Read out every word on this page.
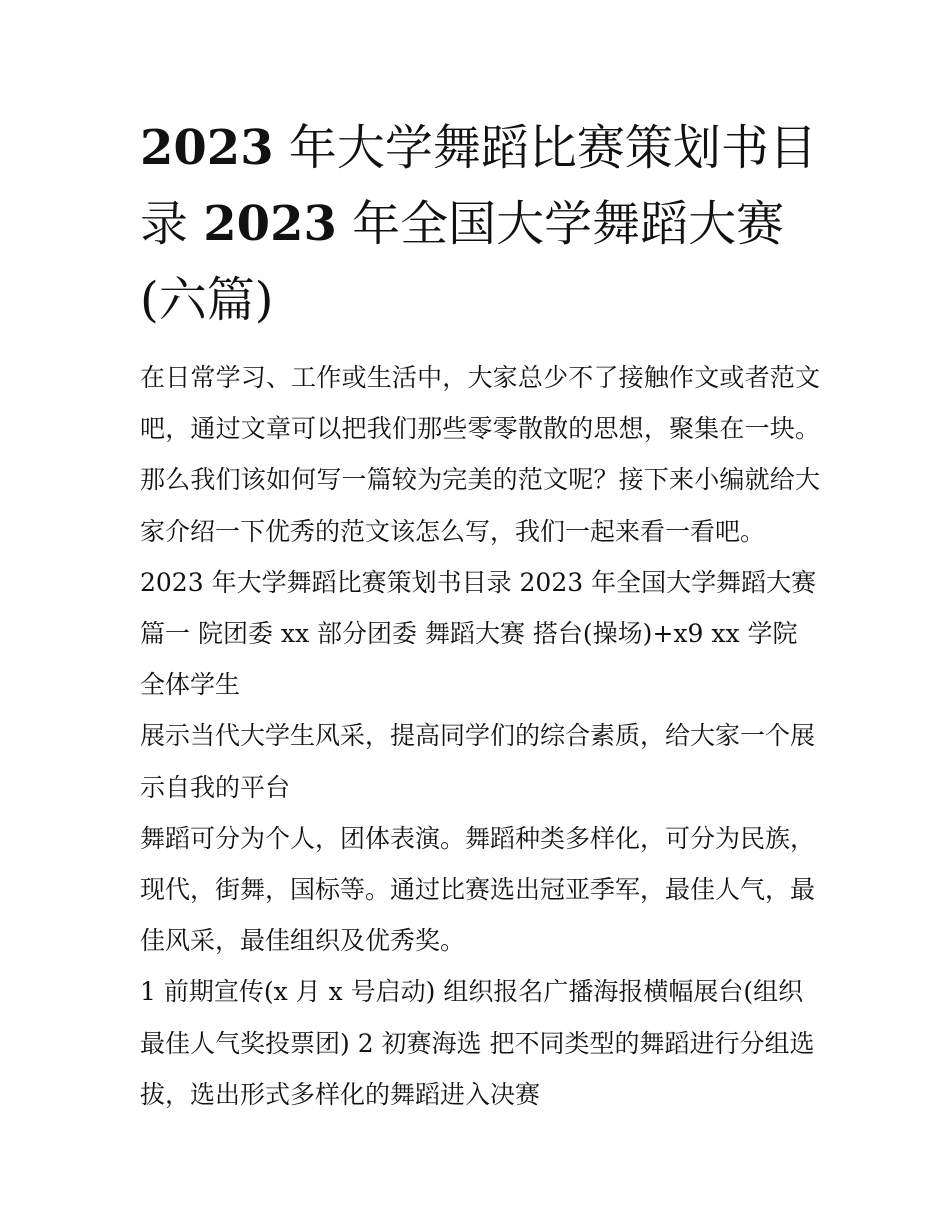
2023 年大学舞蹈比赛策划书目
录 2023 年全国大学舞蹈大赛
(六篇)

在日常学习、工作或生活中，大家总少不了接触作文或者范文吧，通过文章可以把我们那些零零散散的思想，聚集在一块。那么我们该如何写一篇较为完美的范文呢？接下来小编就给大家介绍一下优秀的范文该怎么写，我们一起来看一看吧。

2023 年大学舞蹈比赛策划书目录 2023 年全国大学舞蹈大赛篇一 院团委 xx 部分团委 舞蹈大赛 搭台(操场)+x9 xx 学院全体学生

展示当代大学生风采，提高同学们的综合素质，给大家一个展示自我的平台

舞蹈可分为个人，团体表演。舞蹈种类多样化，可分为民族，现代，街舞，国标等。通过比赛选出冠亚季军，最佳人气，最佳风采，最佳组织及优秀奖。

1 前期宣传(x 月 x 号启动) 组织报名广播海报横幅展台(组织最佳人气奖投票团) 2 初赛海选 把不同类型的舞蹈进行分组选拔，选出形式多样化的舞蹈进入决赛
